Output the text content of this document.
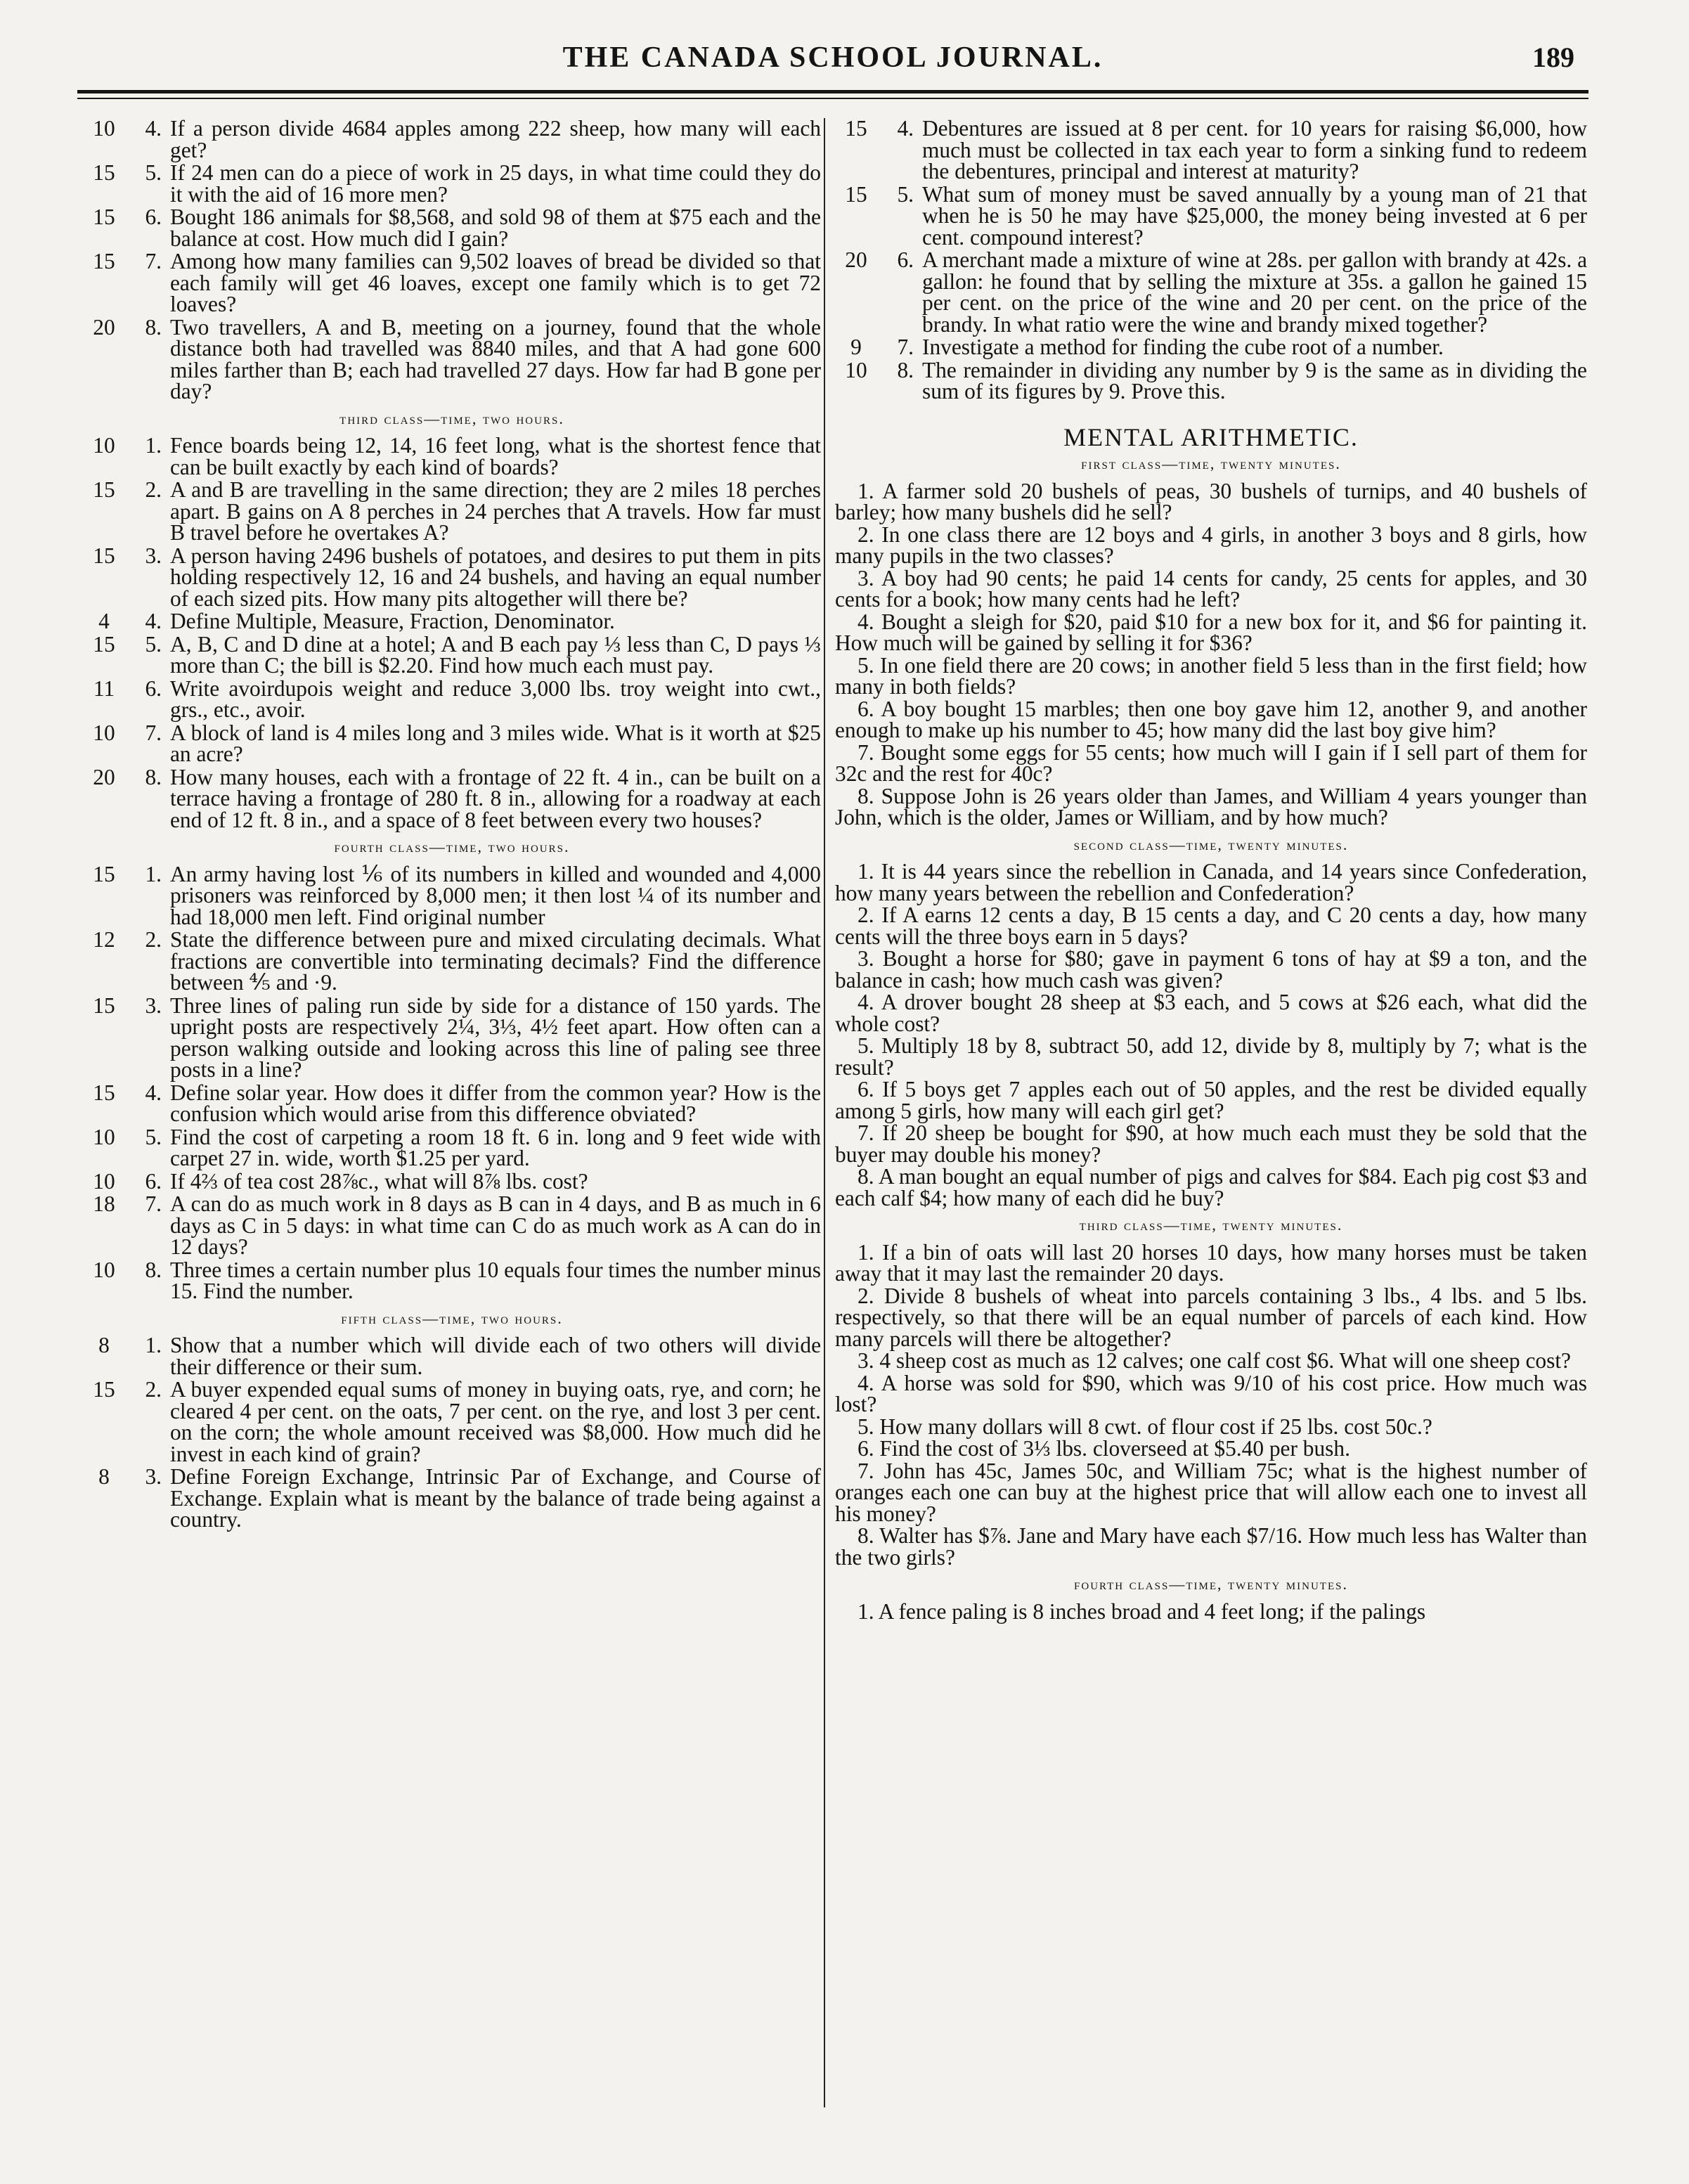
THE CANADA SCHOOL JOURNAL.	189
10	4. If a person divide 4684 apples among 222 sheep, how many will each get?
15	5. If 24 men can do a piece of work in 25 days, in what time could they do it with the aid of 16 more men?
15	6. Bought 186 animals for $8,568, and sold 98 of them at $75 each and the balance at cost. How much did I gain?
15	7. Among how many families can 9,502 loaves of bread be divided so that each family will get 46 loaves, except one family which is to get 72 loaves?
20	8. Two travellers, A and B, meeting on a journey, found that the whole distance both had travelled was 8840 miles, and that A had gone 600 miles farther than B; each had travelled 27 days. How far had B gone per day?
third class—time, two hours.
10	1. Fence boards being 12, 14, 16 feet long, what is the shortest fence that can be built exactly by each kind of boards?
15	2. A and B are travelling in the same direction; they are 2 miles 18 perches apart. B gains on A 8 perches in 24 perches that A travels. How far must B travel before he overtakes A?
15	3. A person having 2496 bushels of potatoes, and desires to put them in pits holding respectively 12, 16 and 24 bushels, and having an equal number of each sized pits. How many pits altogether will there be?
4	4. Define Multiple, Measure, Fraction, Denominator.
15	5. A, B, C and D dine at a hotel; A and B each pay ⅓ less than C, D pays ⅓ more than C; the bill is $2.20. Find how much each must pay.
11	6. Write avoirdupois weight and reduce 3,000 lbs. troy weight into cwt., grs., etc., avoir.
10	7. A block of land is 4 miles long and 3 miles wide. What is it worth at $25 an acre?
20	8. How many houses, each with a frontage of 22 ft. 4 in., can be built on a terrace having a frontage of 280 ft. 8 in., allowing for a roadway at each end of 12 ft. 8 in., and a space of 8 feet between every two houses?
fourth class—time, two hours.
15	1. An army having lost ⅙ of its numbers in killed and wounded and 4,000 prisoners was reinforced by 8,000 men; it then lost ¼ of its number and had 18,000 men left. Find original number
12	2. State the difference between pure and mixed circulating decimals. What fractions are convertible into terminating decimals? Find the difference between ⅘ and ·9.
15	3. Three lines of paling run side by side for a distance of 150 yards. The upright posts are respectively 2¼, 3⅓, 4½ feet apart. How often can a person walking outside and looking across this line of paling see three posts in a line?
15	4. Define solar year. How does it differ from the common year? How is the confusion which would arise from this difference obviated?
10	5. Find the cost of carpeting a room 18 ft. 6 in. long and 9 feet wide with carpet 27 in. wide, worth $1.25 per yard.
10	6. If 4⅔ of tea cost 28⅞c., what will 8⅞ lbs. cost?
18	7. A can do as much work in 8 days as B can in 4 days, and B as much in 6 days as C in 5 days: in what time can C do as much work as A can do in 12 days?
10	8. Three times a certain number plus 10 equals four times the number minus 15. Find the number.
fifth class—time, two hours.
8	1. Show that a number which will divide each of two others will divide their difference or their sum.
15	2. A buyer expended equal sums of money in buying oats, rye, and corn; he cleared 4 per cent. on the oats, 7 per cent. on the rye, and lost 3 per cent. on the corn; the whole amount received was $8,000. How much did he invest in each kind of grain?
8	3. Define Foreign Exchange, Intrinsic Par of Exchange, and Course of Exchange. Explain what is meant by the balance of trade being against a country.
15	4. Debentures are issued at 8 per cent. for 10 years for raising $6,000, how much must be collected in tax each year to form a sinking fund to redeem the debentures, principal and interest at maturity?
15	5. What sum of money must be saved annually by a young man of 21 that when he is 50 he may have $25,000, the money being invested at 6 per cent. compound interest?
20	6. A merchant made a mixture of wine at 28s. per gallon with brandy at 42s. a gallon: he found that by selling the mixture at 35s. a gallon he gained 15 per cent. on the price of the wine and 20 per cent. on the price of the brandy. In what ratio were the wine and brandy mixed together?
9	7. Investigate a method for finding the cube root of a number.
10	8. The remainder in dividing any number by 9 is the same as in dividing the sum of its figures by 9. Prove this.
MENTAL ARITHMETIC.
first class—time, twenty minutes.
1. A farmer sold 20 bushels of peas, 30 bushels of turnips, and 40 bushels of barley; how many bushels did he sell?
2. In one class there are 12 boys and 4 girls, in another 3 boys and 8 girls, how many pupils in the two classes?
3. A boy had 90 cents; he paid 14 cents for candy, 25 cents for apples, and 30 cents for a book; how many cents had he left?
4. Bought a sleigh for $20, paid $10 for a new box for it, and $6 for painting it. How much will be gained by selling it for $36?
5. In one field there are 20 cows; in another field 5 less than in the first field; how many in both fields?
6. A boy bought 15 marbles; then one boy gave him 12, another 9, and another enough to make up his number to 45; how many did the last boy give him?
7. Bought some eggs for 55 cents; how much will I gain if I sell part of them for 32c and the rest for 40c?
8. Suppose John is 26 years older than James, and William 4 years younger than John, which is the older, James or William, and by how much?
second class—time, twenty minutes.
1. It is 44 years since the rebellion in Canada, and 14 years since Confederation, how many years between the rebellion and Confederation?
2. If A earns 12 cents a day, B 15 cents a day, and C 20 cents a day, how many cents will the three boys earn in 5 days?
3. Bought a horse for $80; gave in payment 6 tons of hay at $9 a ton, and the balance in cash; how much cash was given?
4. A drover bought 28 sheep at $3 each, and 5 cows at $26 each, what did the whole cost?
5. Multiply 18 by 8, subtract 50, add 12, divide by 8, multiply by 7; what is the result?
6. If 5 boys get 7 apples each out of 50 apples, and the rest be divided equally among 5 girls, how many will each girl get?
7. If 20 sheep be bought for $90, at how much each must they be sold that the buyer may double his money?
8. A man bought an equal number of pigs and calves for $84. Each pig cost $3 and each calf $4; how many of each did he buy?
third class—time, twenty minutes.
1. If a bin of oats will last 20 horses 10 days, how many horses must be taken away that it may last the remainder 20 days.
2. Divide 8 bushels of wheat into parcels containing 3 lbs., 4 lbs. and 5 lbs. respectively, so that there will be an equal number of parcels of each kind. How many parcels will there be altogether?
3. 4 sheep cost as much as 12 calves; one calf cost $6. What will one sheep cost?
4. A horse was sold for $90, which was 9/10 of his cost price. How much was lost?
5. How many dollars will 8 cwt. of flour cost if 25 lbs. cost 50c.?
6. Find the cost of 3⅓ lbs. cloverseed at $5.40 per bush.
7. John has 45c, James 50c, and William 75c; what is the highest number of oranges each one can buy at the highest price that will allow each one to invest all his money?
8. Walter has $⅞. Jane and Mary have each $7/16. How much less has Walter than the two girls?
fourth class—time, twenty minutes.
1. A fence paling is 8 inches broad and 4 feet long; if the palings
